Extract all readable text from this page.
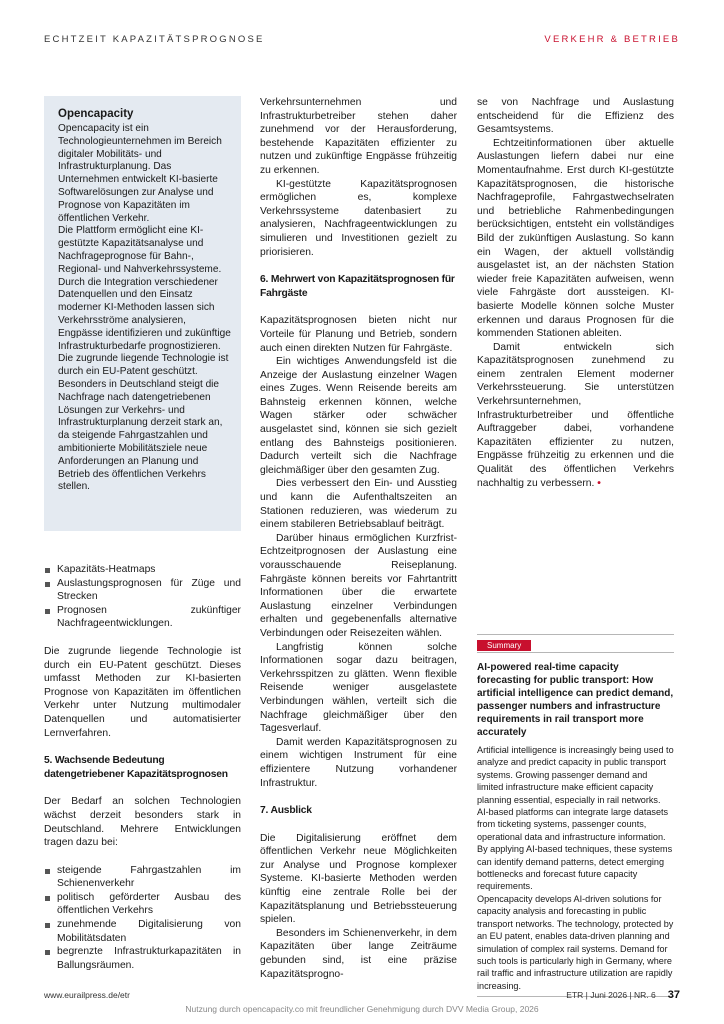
ECHTZEIT KAPAZITÄTSPROGNOSE	VERKEHR & BETRIEB
Opencapacity

Opencapacity ist ein Technologieunternehmen im Bereich digitaler Mobilitäts- und Infrastrukturplanung. Das Unternehmen entwickelt KI-basierte Softwarelösungen zur Analyse und Prognose von Kapazitäten im öffentlichen Verkehr.

Die Plattform ermöglicht eine KI-gestützte Kapazitätsanalyse und Nachfrageprognose für Bahn-, Regional- und Nahverkehrssysteme. Durch die Integration verschiedener Datenquellen und den Einsatz moderner KI-Methoden lassen sich Verkehrsströme analysieren, Engpässe identifizieren und zukünftige Infrastrukturbedarfe prognostizieren.

Die zugrunde liegende Technologie ist durch ein EU-Patent geschützt.

Besonders in Deutschland steigt die Nachfrage nach datengetriebenen Lösungen zur Verkehrs- und Infrastrukturplanung derzeit stark an, da steigende Fahrgastzahlen und ambitionierte Mobilitätsziele neue Anforderungen an Planung und Betrieb des öffentlichen Verkehrs stellen.

Kapazitäts-Heatmaps
Auslastungsprognosen für Züge und Strecken
Prognosen zukünftiger Nachfrageentwicklungen.

Die zugrunde liegende Technologie ist durch ein EU-Patent geschützt. Dieses umfasst Methoden zur KI-basierten Prognose von Kapazitäten im öffentlichen Verkehr unter Nutzung multimodaler Datenquellen und automatisierter Lernverfahren.

5. Wachsende Bedeutung datengetriebener Kapazitätsprognosen

Der Bedarf an solchen Technologien wächst derzeit besonders stark in Deutschland. Mehrere Entwicklungen tragen dazu bei:

steigende Fahrgastzahlen im Schienenverkehr
politisch geförderter Ausbau des öffentlichen Verkehrs
zunehmende Digitalisierung von Mobilitätsdaten
begrenzte Infrastrukturkapazitäten in Ballungsräumen.

Verkehrsunternehmen und Infrastrukturbetreiber stehen daher zunehmend vor der Herausforderung, bestehende Kapazitäten effizienter zu nutzen und zukünftige Engpässe frühzeitig zu erkennen.

KI-gestützte Kapazitätsprognosen ermöglichen es, komplexe Verkehrssysteme datenbasiert zu analysieren, Nachfrageentwicklungen zu simulieren und Investitionen gezielt zu priorisieren.

6. Mehrwert von Kapazitätsprognosen für Fahrgäste

Kapazitätsprognosen bieten nicht nur Vorteile für Planung und Betrieb, sondern auch einen direkten Nutzen für Fahrgäste.

Ein wichtiges Anwendungsfeld ist die Anzeige der Auslastung einzelner Wagen eines Zuges. Wenn Reisende bereits am Bahnsteig erkennen können, welche Wagen stärker oder schwächer ausgelastet sind, können sie sich gezielt entlang des Bahnsteigs positionieren. Dadurch verteilt sich die Nachfrage gleichmäßiger über den gesamten Zug.

Dies verbessert den Ein- und Ausstieg und kann die Aufenthaltszeiten an Stationen reduzieren, was wiederum zu einem stabileren Betriebsablauf beiträgt.

Darüber hinaus ermöglichen Kurzfrist-Echtzeitprognosen der Auslastung eine vorausschauende Reiseplanung. Fahrgäste können bereits vor Fahrtantritt Informationen über die erwartete Auslastung einzelner Verbindungen erhalten und gegebenenfalls alternative Verbindungen oder Reisezeiten wählen.

Langfristig können solche Informationen sogar dazu beitragen, Verkehrsspitzen zu glätten. Wenn flexible Reisende weniger ausgelastete Verbindungen wählen, verteilt sich die Nachfrage gleichmäßiger über den Tagesverlauf.

Damit werden Kapazitätsprognosen zu einem wichtigen Instrument für eine effizientere Nutzung vorhandener Infrastruktur.

7. Ausblick

Die Digitalisierung eröffnet dem öffentlichen Verkehr neue Möglichkeiten zur Analyse und Prognose komplexer Systeme. KI-basierte Methoden werden künftig eine zentrale Rolle bei der Kapazitätsplanung und Betriebssteuerung spielen.

Besonders im Schienenverkehr, in dem Kapazitäten über lange Zeiträume gebunden sind, ist eine präzise Kapazitätsprogno-

se von Nachfrage und Auslastung entscheidend für die Effizienz des Gesamtsystems.

Echtzeitinformationen über aktuelle Auslastungen liefern dabei nur eine Momentaufnahme. Erst durch KI-gestützte Kapazitätsprognosen, die historische Nachfrageprofile, Fahrgastwechselraten und betriebliche Rahmenbedingungen berücksichtigen, entsteht ein vollständiges Bild der zukünftigen Auslastung. So kann ein Wagen, der aktuell vollständig ausgelastet ist, an der nächsten Station wieder freie Kapazitäten aufweisen, wenn viele Fahrgäste dort aussteigen. KI-basierte Modelle können solche Muster erkennen und daraus Prognosen für die kommenden Stationen ableiten.

Damit entwickeln sich Kapazitätsprognosen zunehmend zu einem zentralen Element moderner Verkehrssteuerung. Sie unterstützen Verkehrsunternehmen, Infrastrukturbetreiber und öffentliche Auftraggeber dabei, vorhandene Kapazitäten effizienter zu nutzen, Engpässe frühzeitig zu erkennen und die Qualität des öffentlichen Verkehrs nachhaltig zu verbessern. •

Summary
AI-powered real-time capacity forecasting for public transport: How artificial intelligence can predict demand, passenger numbers and infrastructure requirements in rail transport more accurately

Artificial intelligence is increasingly being used to analyze and predict capacity in public transport systems. Growing passenger demand and limited infrastructure make efficient capacity planning essential, especially in rail networks.

AI-based platforms can integrate large datasets from ticketing systems, passenger counts, operational data and infrastructure information. By applying AI-based techniques, these systems can identify demand patterns, detect emerging bottlenecks and forecast future capacity requirements.

Opencapacity develops AI-driven solutions for capacity analysis and forecasting in public transport networks. The technology, protected by an EU patent, enables data-driven planning and simulation of complex rail systems. Demand for such tools is particularly high in Germany, where rail traffic and infrastructure utilization are rapidly increasing.

www.eurailpress.de/etr	ETR | Juni 2026 | NR. 6 37
Nutzung durch opencapacity.co mit freundlicher Genehmigung durch DVV Media Group, 2026
